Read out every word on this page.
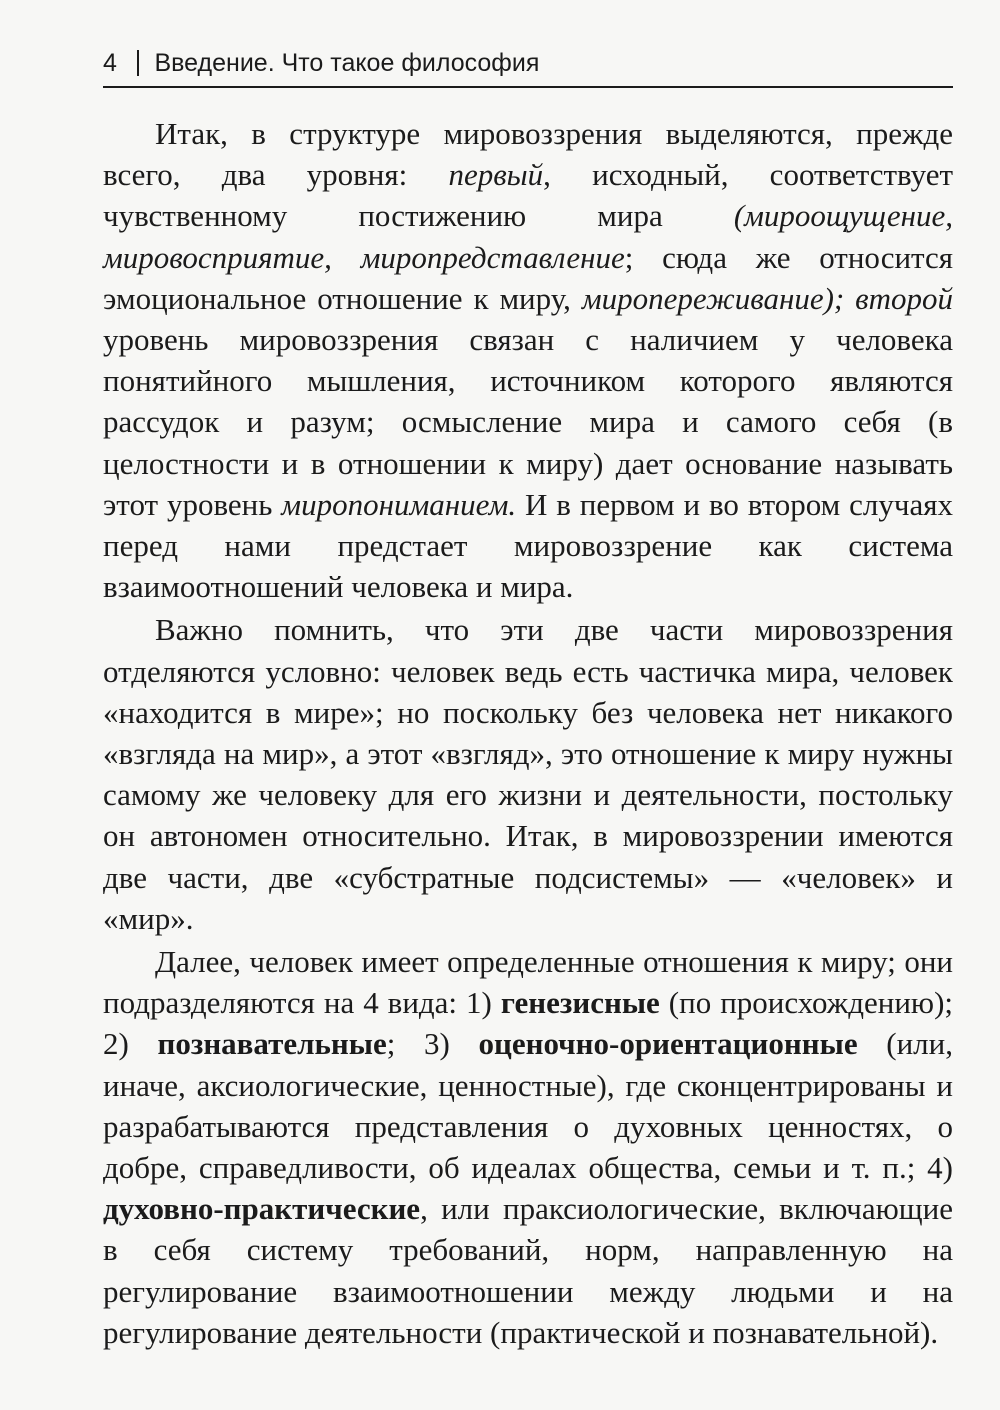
4	Введение. Что такое философия

Итак, в структуре мировоззрения выделяются, прежде всего, два уровня: первый, исходный, соответствует чувственному постижению мира (мироощущение, мировосприятие, миропредставление; сюда же относится эмоциональное отношение к миру, миропереживание); второй уровень мировоззрения связан с наличием у человека понятийного мышления, источником которого являются рассудок и разум; осмысление мира и самого себя (в целостности и в отношении к миру) дает основание называть этот уровень миропониманием. И в первом и во втором случаях перед нами предстает мировоззрение как система взаимоотношений человека и мира.

Важно помнить, что эти две части мировоззрения отделяются условно: человек ведь есть частичка мира, человек «находится в мире»; но поскольку без человека нет никакого «взгляда на мир», а этот «взгляд», это отношение к миру нужны самому же человеку для его жизни и деятельности, постольку он автономен относительно. Итак, в мировоззрении имеются две части, две «субстратные подсистемы» — «человек» и «мир».

Далее, человек имеет определенные отношения к миру; они подразделяются на 4 вида: 1) генезисные (по происхождению); 2) познавательные; 3) оценочно-ориентационные (или, иначе, аксиологические, ценностные), где сконцентрированы и разрабатываются представления о духовных ценностях, о добре, справедливости, об идеалах общества, семьи и т. п.; 4) духовно-практические, или праксиологические, включающие в себя систему требований, норм, направленную на регулирование взаимоотношении между людьми и на регулирование деятельности (практической и познавательной).
